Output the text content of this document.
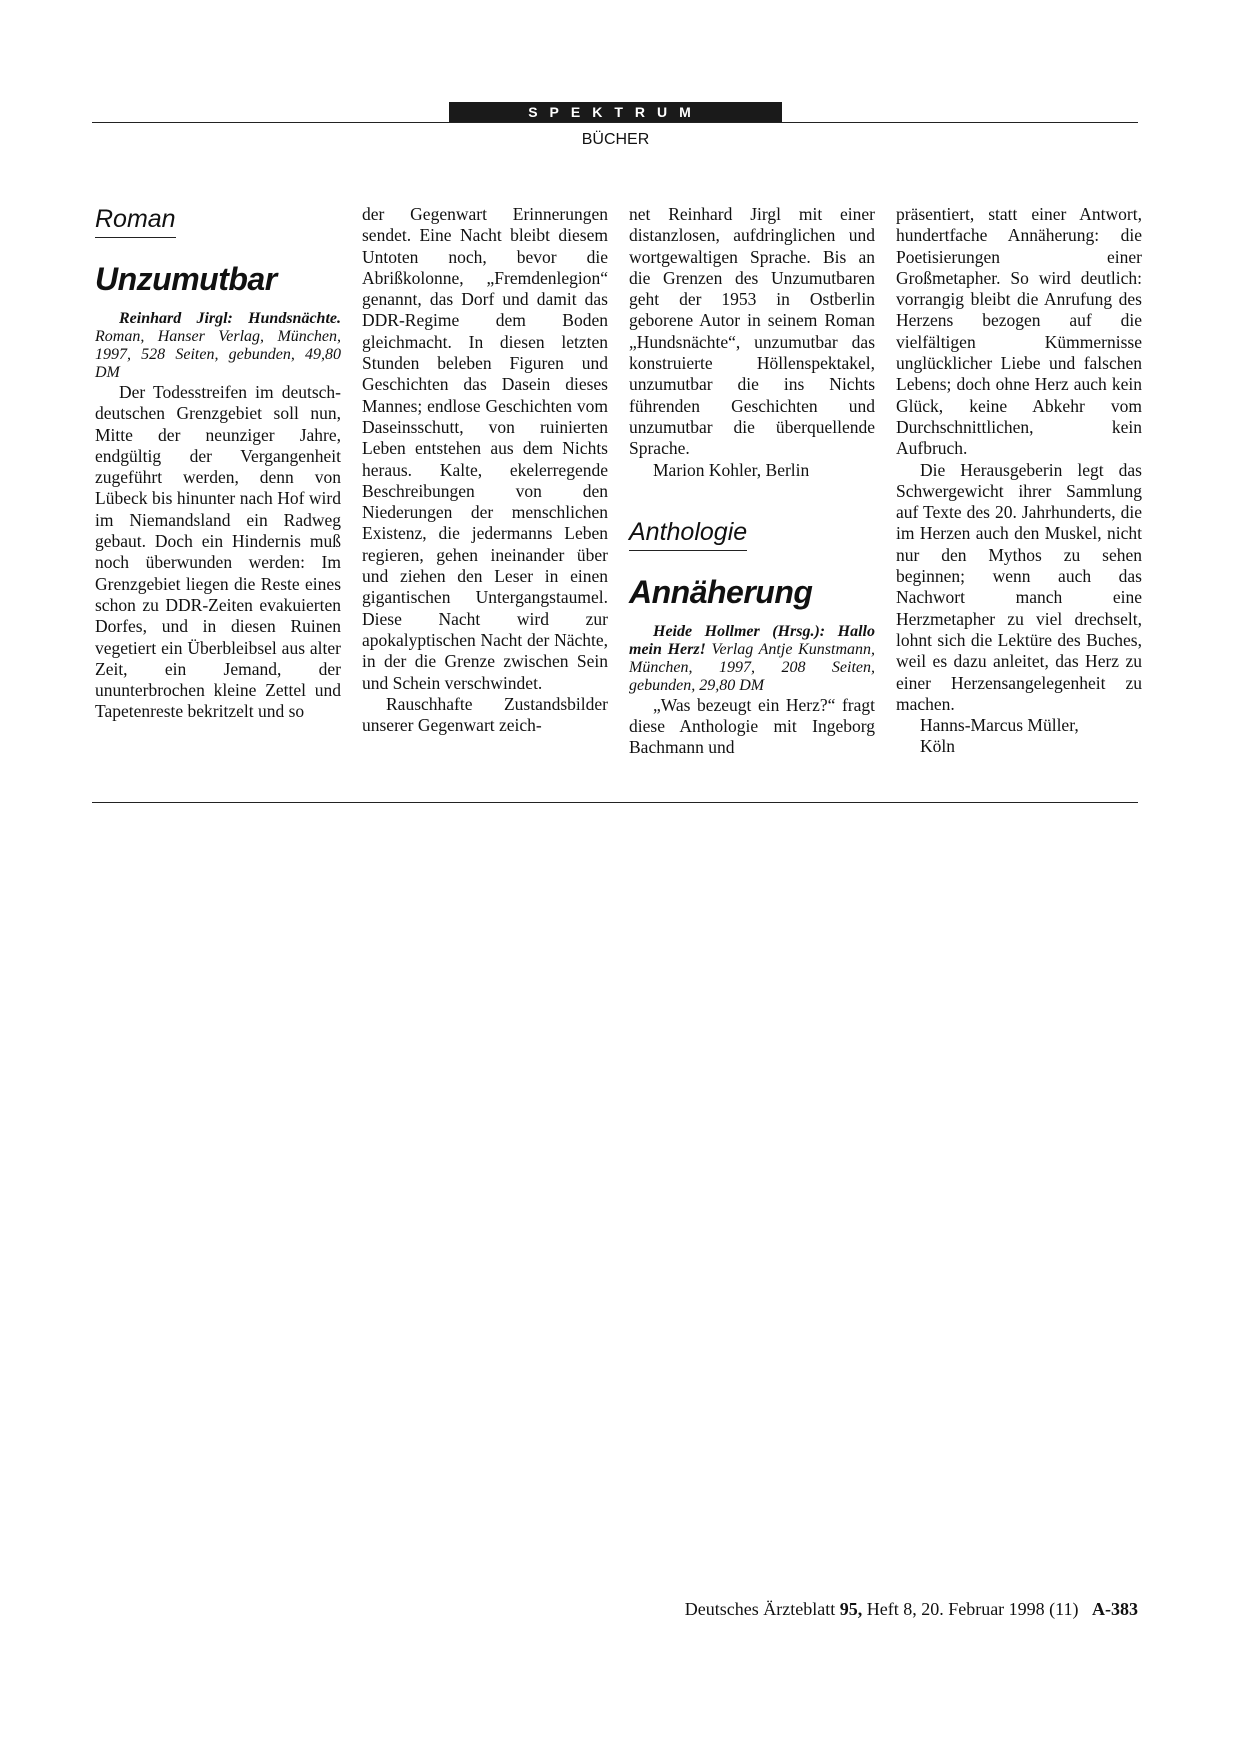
SPEKTRUM
BÜCHER
Roman
Unzumutbar

Reinhard Jirgl: Hundsnächte. Roman, Hanser Verlag, München, 1997, 528 Seiten, gebunden, 49,80 DM

Der Todesstreifen im deutsch-deutschen Grenzgebiet soll nun, Mitte der neunziger Jahre, endgültig der Vergangenheit zugeführt werden, denn von Lübeck bis hinunter nach Hof wird im Niemandsland ein Radweg gebaut. Doch ein Hindernis muß noch überwunden werden: Im Grenzgebiet liegen die Reste eines schon zu DDR-Zeiten evakuierten Dorfes, und in diesen Ruinen vegetiert ein Überbleibsel aus alter Zeit, ein Jemand, der ununterbrochen kleine Zettel und Tapetenreste bekritzelt und so

der Gegenwart Erinnerungen sendet. Eine Nacht bleibt diesem Untoten noch, bevor die Abrißkolonne, „Fremdenlegion“ genannt, das Dorf und damit das DDR-Regime dem Boden gleichmacht. In diesen letzten Stunden beleben Figuren und Geschichten das Dasein dieses Mannes; endlose Geschichten vom Daseinsschutt, von ruinierten Leben entstehen aus dem Nichts heraus. Kalte, ekelerregende Beschreibungen von den Niederungen der menschlichen Existenz, die jedermanns Leben regieren, gehen ineinander über und ziehen den Leser in einen gigantischen Untergangstaumel. Diese Nacht wird zur apokalyptischen Nacht der Nächte, in der die Grenze zwischen Sein und Schein verschwindet.

Rauschhafte Zustandsbilder unserer Gegenwart zeich-

net Reinhard Jirgl mit einer distanzlosen, aufdringlichen und wortgewaltigen Sprache. Bis an die Grenzen des Unzumutbaren geht der 1953 in Ostberlin geborene Autor in seinem Roman „Hundsnächte“, unzumutbar das konstruierte Höllenspektakel, unzumutbar die ins Nichts führenden Geschichten und unzumutbar die überquellende Sprache.

Marion Kohler, Berlin

Anthologie
Annäherung

Heide Hollmer (Hrsg.): Hallo mein Herz! Verlag Antje Kunstmann, München, 1997, 208 Seiten, gebunden, 29,80 DM

„Was bezeugt ein Herz?“ fragt diese Anthologie mit Ingeborg Bachmann und

präsentiert, statt einer Antwort, hundertfache Annäherung: die Poetisierungen einer Großmetapher. So wird deutlich: vorrangig bleibt die Anrufung des Herzens bezogen auf die vielfältigen Kümmernisse unglücklicher Liebe und falschen Lebens; doch ohne Herz auch kein Glück, keine Abkehr vom Durchschnittlichen, kein Aufbruch.

Die Herausgeberin legt das Schwergewicht ihrer Sammlung auf Texte des 20. Jahrhunderts, die im Herzen auch den Muskel, nicht nur den Mythos zu sehen beginnen; wenn auch das Nachwort manch eine Herzmetapher zu viel drechselt, lohnt sich die Lektüre des Buches, weil es dazu anleitet, das Herz zu einer Herzensangelegenheit zu machen.

Hanns-Marcus Müller,

Köln

Deutsches Ärzteblatt 95, Heft 8, 20. Februar 1998 (11) A-383
